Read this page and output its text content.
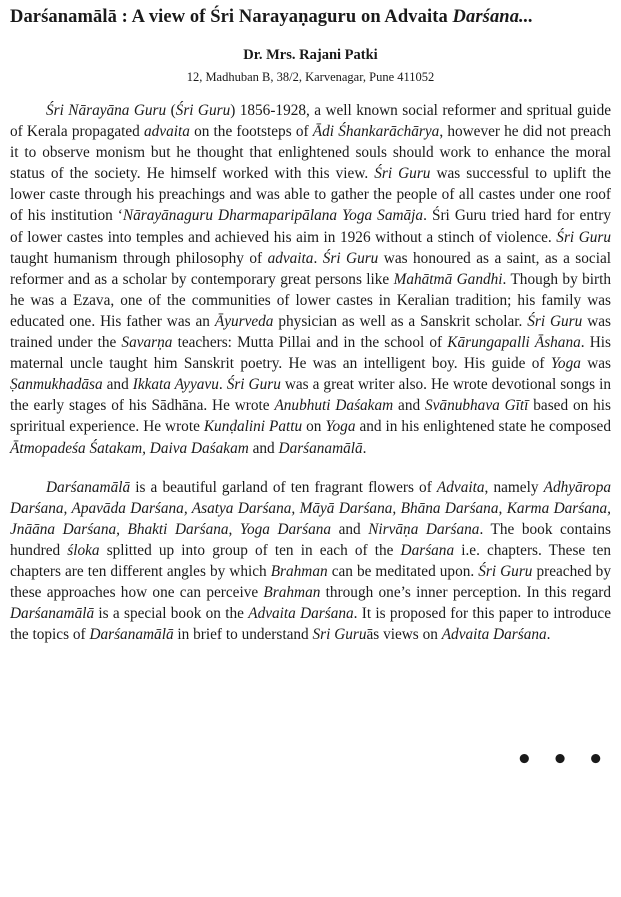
Darśanamālā : A view of Śri Narayaṇaguru on Advaita Darśana...
Dr. Mrs. Rajani Patki
12, Madhuban B, 38/2, Karvenagar, Pune 411052

Śri Nārayāna Guru (Śri Guru) 1856-1928, a well known social reformer and spritual guide of Kerala propagated advaita on the footsteps of Ādi Śhankarāchārya, however he did not preach it to observe monism but he thought that enlightened souls should work to enhance the moral status of the society. He himself worked with this view. Śri Guru was successful to uplift the lower caste through his preachings and was able to gather the people of all castes under one roof of his institution ‘Nārayānaguru Dharmaparipālana Yoga Samāja. Śri Guru tried hard for entry of lower castes into temples and achieved his aim in 1926 without a stinch of violence. Śri Guru taught humanism through philosophy of advaita. Śri Guru was honoured as a saint, as a social reformer and as a scholar by contemporary great persons like Mahātmā Gandhi. Though by birth he was a Ezava, one of the communities of lower castes in Keralian tradition; his family was educated one. His father was an Āyurveda physician as well as a Sanskrit scholar. Śri Guru was trained under the Savarṇa teachers: Mutta Pillai and in the school of Kārungapalli Āshana. His maternal uncle taught him Sanskrit poetry. He was an intelligent boy. His guide of Yoga was Ṣanmukhadāsa and Ikkata Ayyavu. Śri Guru was a great writer also. He wrote devotional songs in the early stages of his Sādhāna. He wrote Anubhuti Daśakam and Svānubhava Gītī based on his spriritual experience. He wrote Kunḍalini Pattu on Yoga and in his enlightened state he composed Ātmopadeśa Śatakam, Daiva Daśakam and Darśanamālā.

Darśanamālā is a beautiful garland of ten fragrant flowers of Advaita, namely Adhyāropa Darśana, Apavāda Darśana, Asatya Darśana, Māyā Darśana, Bhāna Darśana, Karma Darśana, Jnāāna Darśana, Bhakti Darśana, Yoga Darśana and Nirvāṇa Darśana. The book contains hundred śloka splitted up into group of ten in each of the Darśana i.e. chapters. These ten chapters are ten different angles by which Brahman can be meditated upon. Śri Guru preached by these approaches how one can perceive Brahman through one’s inner perception. In this regard Darśanamālā is a special book on the Advaita Darśana. It is proposed for this paper to introduce the topics of Darśanamālā in brief to understand Sri Guruās views on Advaita Darśana.

• • •
